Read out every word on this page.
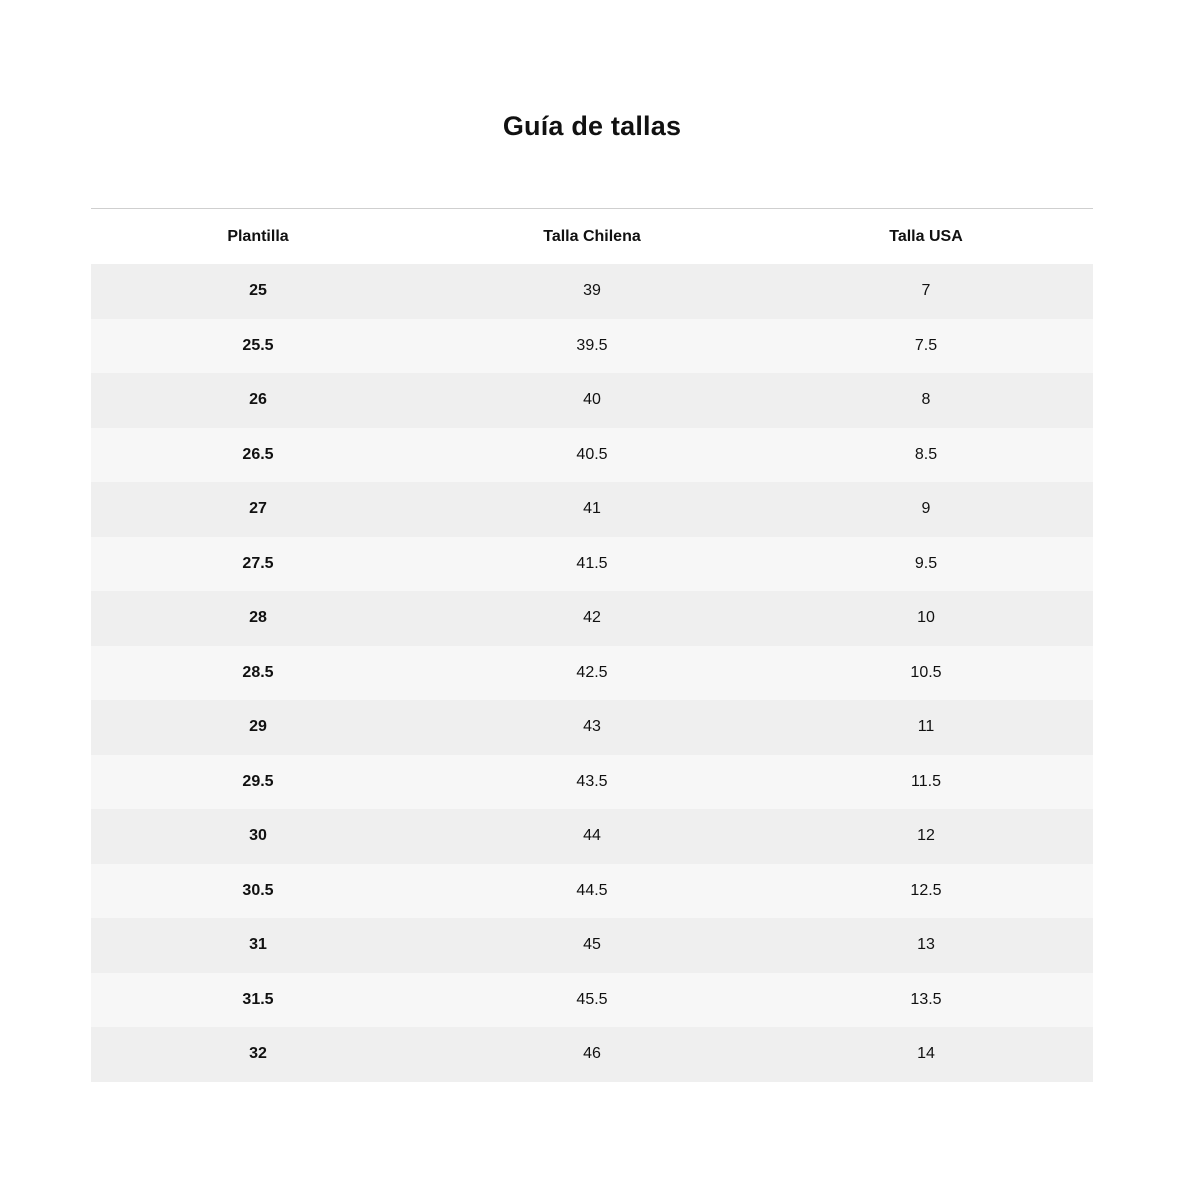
Guía de tallas
Plantilla	Talla Chilena	Talla USA
25	39	7
25.5	39.5	7.5
26	40	8
26.5	40.5	8.5
27	41	9
27.5	41.5	9.5
28	42	10
28.5	42.5	10.5
29	43	11
29.5	43.5	11.5
30	44	12
30.5	44.5	12.5
31	45	13
31.5	45.5	13.5
32	46	14
